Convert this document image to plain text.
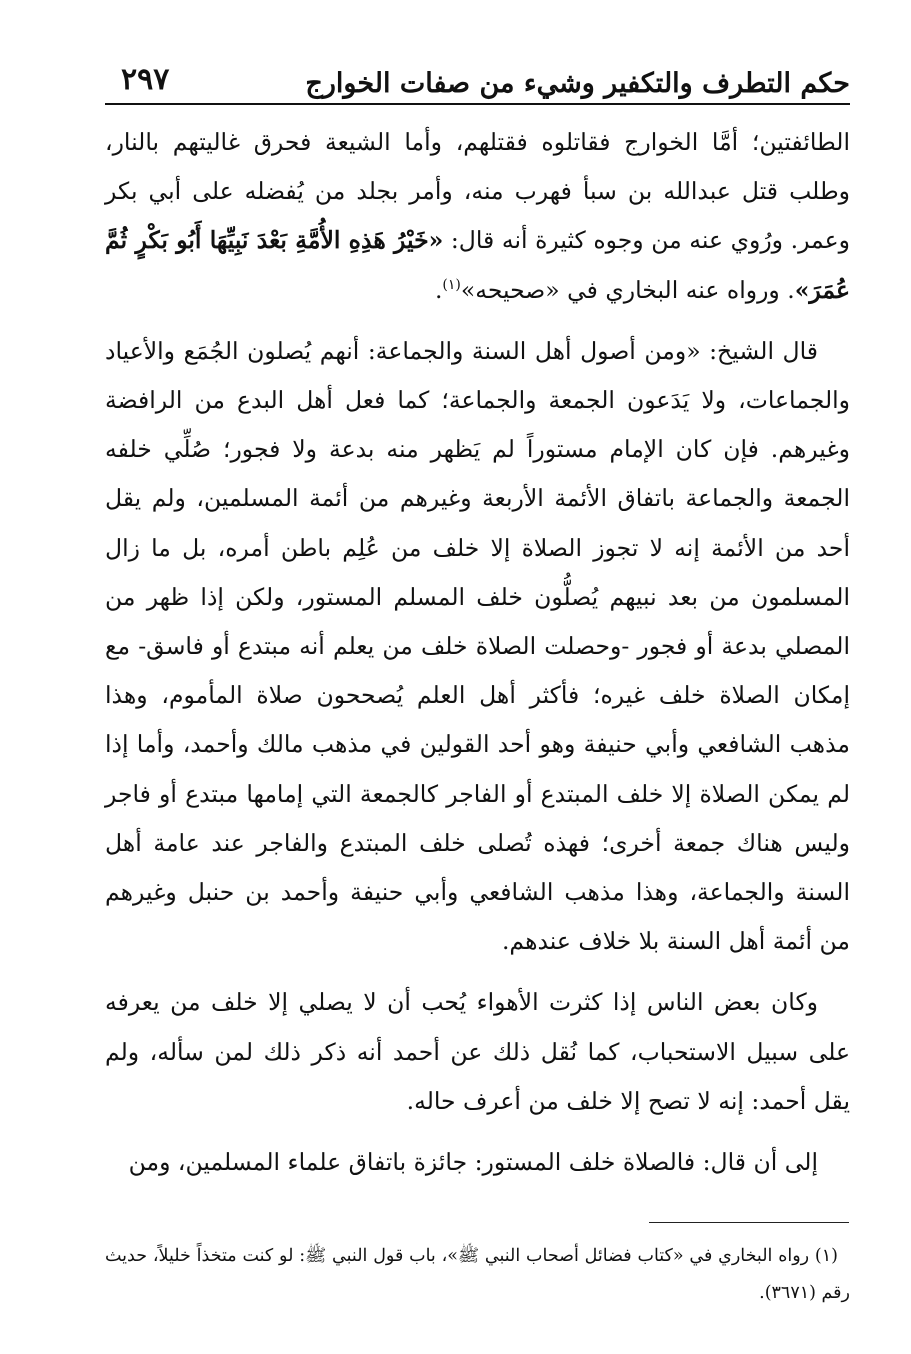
حكم التطرف والتكفير وشيء من صفات الخوارج
٢٩٧

الطائفتين؛ أمَّا الخوارج فقاتلوه فقتلهم، وأما الشيعة فحرق غاليتهم بالنار، وطلب قتل عبدالله بن سبأ فهرب منه، وأمر بجلد من يُفضله على أبي بكر وعمر. ورُوي عنه من وجوه كثيرة أنه قال: «خَيْرُ هَذِهِ الأُمَّةِ بَعْدَ نَبِيِّهَا أَبُو بَكْرٍ ثُمَّ عُمَرَ». ورواه عنه البخاري في «صحيحه»$^{(١)}$.

قال الشيخ: «ومن أصول أهل السنة والجماعة: أنهم يُصلون الجُمَع والأعياد والجماعات، ولا يَدَعون الجمعة والجماعة؛ كما فعل أهل البدع من الرافضة وغيرهم. فإن كان الإمام مستوراً لم يَظهر منه بدعة ولا فجور؛ صُلِّي خلفه الجمعة والجماعة باتفاق الأئمة الأربعة وغيرهم من أئمة المسلمين، ولم يقل أحد من الأئمة إنه لا تجوز الصلاة إلا خلف من عُلِم باطن أمره، بل ما زال المسلمون من بعد نبيهم يُصلُّون خلف المسلم المستور، ولكن إذا ظهر من المصلي بدعة أو فجور -وحصلت الصلاة خلف من يعلم أنه مبتدع أو فاسق- مع إمكان الصلاة خلف غيره؛ فأكثر أهل العلم يُصححون صلاة المأموم، وهذا مذهب الشافعي وأبي حنيفة وهو أحد القولين في مذهب مالك وأحمد، وأما إذا لم يمكن الصلاة إلا خلف المبتدع أو الفاجر كالجمعة التي إمامها مبتدع أو فاجر وليس هناك جمعة أخرى؛ فهذه تُصلى خلف المبتدع والفاجر عند عامة أهل السنة والجماعة، وهذا مذهب الشافعي وأبي حنيفة وأحمد بن حنبل وغيرهم من أئمة أهل السنة بلا خلاف عندهم.

وكان بعض الناس إذا كثرت الأهواء يُحب أن لا يصلي إلا خلف من يعرفه على سبيل الاستحباب، كما نُقل ذلك عن أحمد أنه ذكر ذلك لمن سأله، ولم يقل أحمد: إنه لا تصح إلا خلف من أعرف حاله.

إلى أن قال: فالصلاة خلف المستور: جائزة باتفاق علماء المسلمين، ومن

(١) رواه البخاري في «كتاب فضائل أصحاب النبي ﷺ»، باب قول النبي ﷺ: لو كنت متخذاً خليلاً، حديث رقم (٣٦٧١).
